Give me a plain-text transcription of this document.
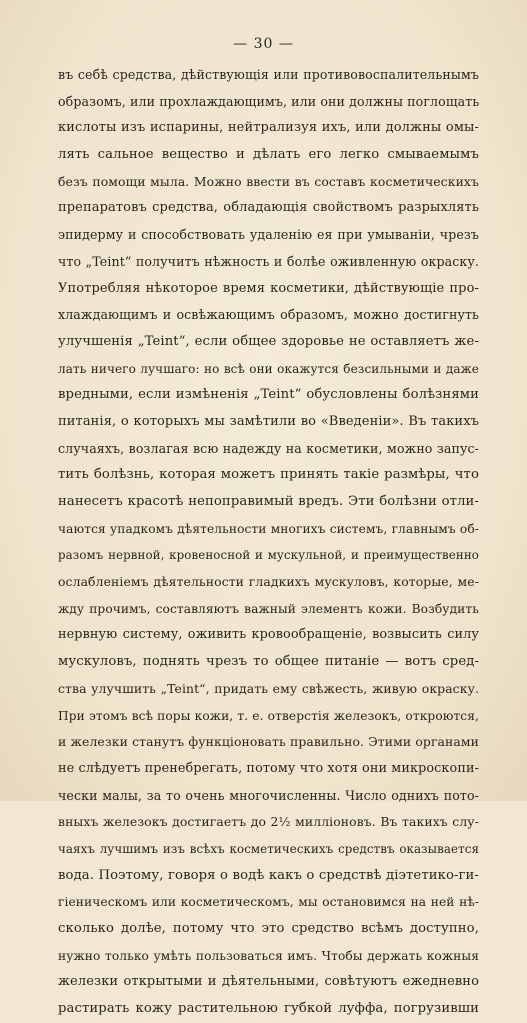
— 30 —
въ себѣ средства, дѣйствующія или противовоспалительнымъ
образомъ, или прохлаждающимъ, или они должны поглощать
кислоты изъ испарины, нейтрализуя ихъ, или должны омы-
лять сальное вещество и дѣлать его легко смываемымъ
безъ помощи мыла. Можно ввести въ составъ косметическихъ
препаратовъ средства, обладающія свойствомъ разрыхлять
эпидерму и способствовать удаленію ея при умываніи, чрезъ
что „Teint“ получитъ нѣжность и болѣе оживленную окраску.
Употребляя нѣкоторое время косметики, дѣйствующіе про-
хлаждающимъ и освѣжающимъ образомъ, можно достигнуть
улучшенія „Teint“, если общее здоровье не оставляетъ же-
лать ничего лучшаго: но всѣ они окажутся безсильными и даже
вредными, если измѣненія „Teint“ обусловлены болѣзнями
питанія, о которыхъ мы замѣтили во «Введеніи». Въ такихъ
случаяхъ, возлагая всю надежду на косметики, можно запус-
тить болѣзнь, которая можетъ принять такіе размѣры, что
нанесетъ красотѣ непоправимый вредъ. Эти болѣзни отли-
чаются упадкомъ дѣятельности многихъ системъ, главнымъ об-
разомъ нервной, кровеносной и мускульной, и преимущественно
ослабленіемъ дѣятельности гладкихъ мускуловъ, которые, ме-
жду прочимъ, составляютъ важный элементъ кожи. Возбудить
нервную систему, оживить кровообращеніе, возвысить силу
мускуловъ, поднять чрезъ то общее питаніе — вотъ сред-
ства улучшить „Teint“, придать ему свѣжесть, живую окраску.
При этомъ всѣ поры кожи, т. е. отверстія железокъ, откроются,
и железки станутъ функціоновать правильно. Этими органами
не слѣдуетъ пренебрегать, потому что хотя они микроскопи-
чески малы, за то очень многочисленны. Число однихъ пото-
вныхъ железокъ достигаетъ до 2½ милліоновъ. Въ такихъ слу-
чаяхъ лучшимъ изъ всѣхъ косметическихъ средствъ оказывается
вода. Поэтому, говоря о водѣ какъ о средствѣ діэтетико-ги-
гіеническомъ или косметическомъ, мы остановимся на ней нѣ-
сколько долѣе, потому что это средство всѣмъ доступно,
нужно только умѣть пользоваться имъ. Чтобы держать кожныя
железки открытыми и дѣятельными, совѣтуютъ ежедневно
растирать кожу растительною губкой луффа, погрузивши
